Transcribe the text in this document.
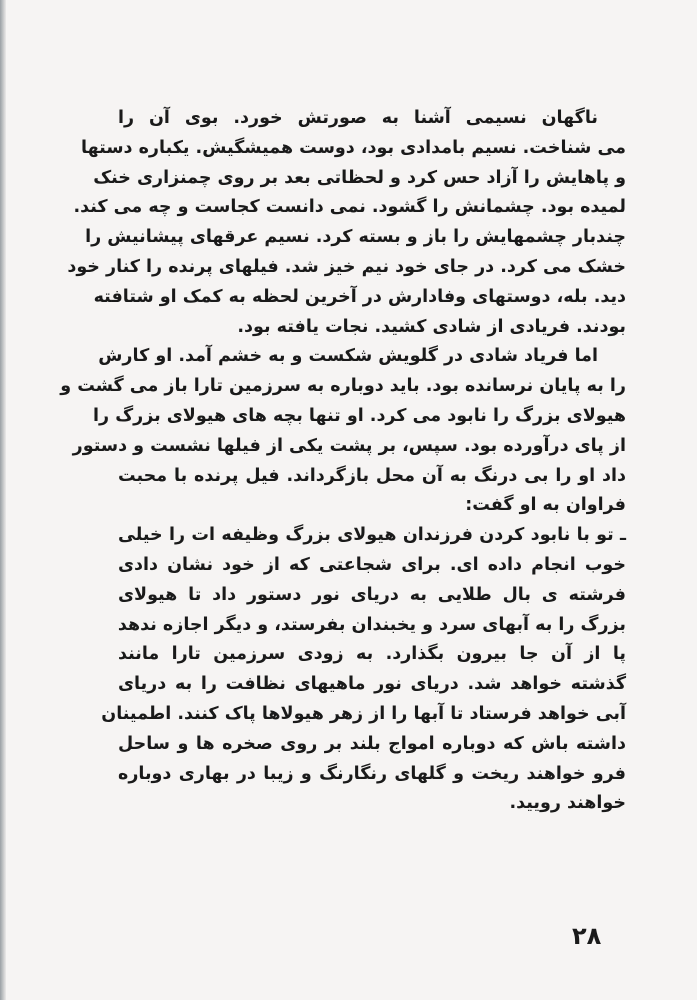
ناگهان نسیمی آشنا به صورتش خورد. بوی آن را
می شناخت. نسیم بامدادی بود، دوست همیشگیش. یکباره دستها
و پاهایش را آزاد حس کرد و لحظاتی بعد بر روی چمنزاری خنک
لمیده بود. چشمانش را گشود. نمی دانست کجاست و چه می کند.
چندبار چشمهایش را باز و بسته کرد. نسیم عرقهای پیشانیش را
خشک می کرد. در جای خود نیم خیز شد. فیلهای پرنده را کنار خود
دید. بله، دوستهای وفادارش در آخرین لحظه به کمک او شتافته
بودند. فریادی از شادی کشید. نجات یافته بود.
اما فریاد شادی در گلویش شکست و به خشم آمد. او کارش
را به پایان نرسانده بود. باید دوباره به سرزمین تارا باز می گشت و
هیولای بزرگ را نابود می کرد. او تنها بچه های هیولای بزرگ را
از پای درآورده بود. سپس، بر پشت یکی از فیلها نشست و دستور
داد او را بی درنگ به آن محل بازگرداند. فیل پرنده با محبت
فراوان به او گفت:
ـ تو با نابود کردن فرزندان هیولای بزرگ وظیفه ات را خیلی
خوب انجام داده ای. برای شجاعتی که از خود نشان دادی
فرشته ی بال طلایی به دریای نور دستور داد تا هیولای
بزرگ را به آبهای سرد و یخبندان بفرستد، و دیگر اجازه ندهد
پا از آن جا بیرون بگذارد. به زودی سرزمین تارا مانند
گذشته خواهد شد. دریای نور ماهیهای نظافت را به دریای
آبی خواهد فرستاد تا آبها را از زهر هیولاها پاک کنند. اطمینان
داشته باش که دوباره امواج بلند بر روی صخره ها و ساحل
فرو خواهند ریخت و گلهای رنگارنگ و زیبا در بهاری دوباره
خواهند رویید.
۲۸
